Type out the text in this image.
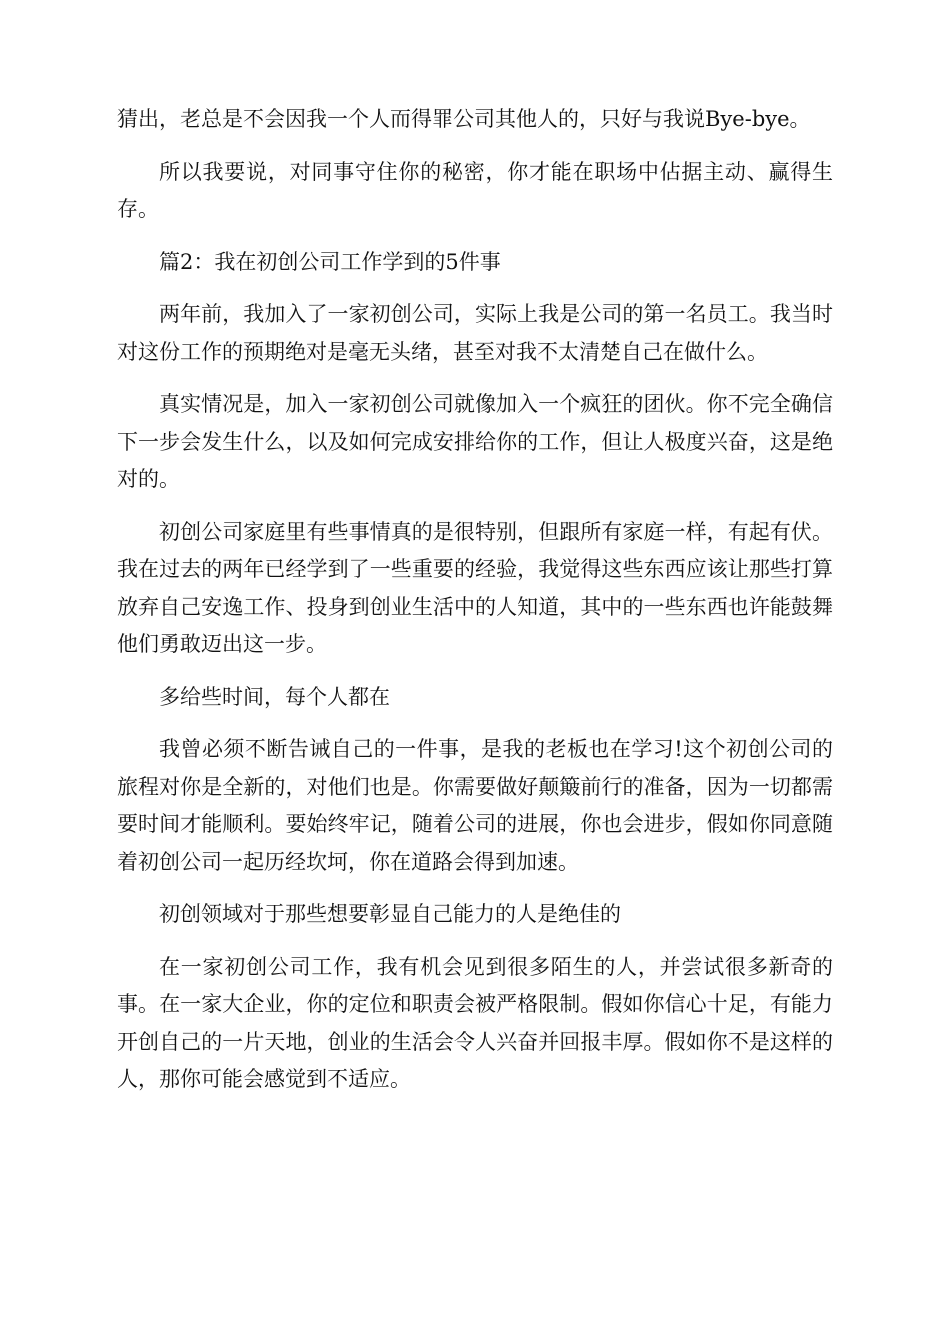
猜出，老总是不会因我一个人而得罪公司其他人的，只好与我说Bye-bye。

所以我要说，对同事守住你的秘密，你才能在职场中佔据主动、赢得生存。

篇2：我在初创公司工作学到的5件事

两年前，我加入了一家初创公司，实际上我是公司的第一名员工。我当时对这份工作的预期绝对是毫无头绪，甚至对我不太清楚自己在做什么。

真实情况是，加入一家初创公司就像加入一个疯狂的团伙。你不完全确信下一步会发生什么，以及如何完成安排给你的工作，但让人极度兴奋，这是绝对的。

初创公司家庭里有些事情真的是很特别，但跟所有家庭一样，有起有伏。我在过去的两年已经学到了一些重要的经验，我觉得这些东西应该让那些打算放弃自己安逸工作、投身到创业生活中的人知道，其中的一些东西也许能鼓舞他们勇敢迈出这一步。

多给些时间，每个人都在

我曾必须不断告诫自己的一件事，是我的老板也在学习!这个初创公司的旅程对你是全新的，对他们也是。你需要做好颠簸前行的准备，因为一切都需要时间才能顺利。要始终牢记，随着公司的进展，你也会进步，假如你同意随着初创公司一起历经坎坷，你在道路会得到加速。

初创领域对于那些想要彰显自己能力的人是绝佳的

在一家初创公司工作，我有机会见到很多陌生的人，并尝试很多新奇的事。在一家大企业，你的定位和职责会被严格限制。假如你信心十足，有能力开创自己的一片天地，创业的生活会令人兴奋并回报丰厚。假如你不是这样的人，那你可能会感觉到不适应。
